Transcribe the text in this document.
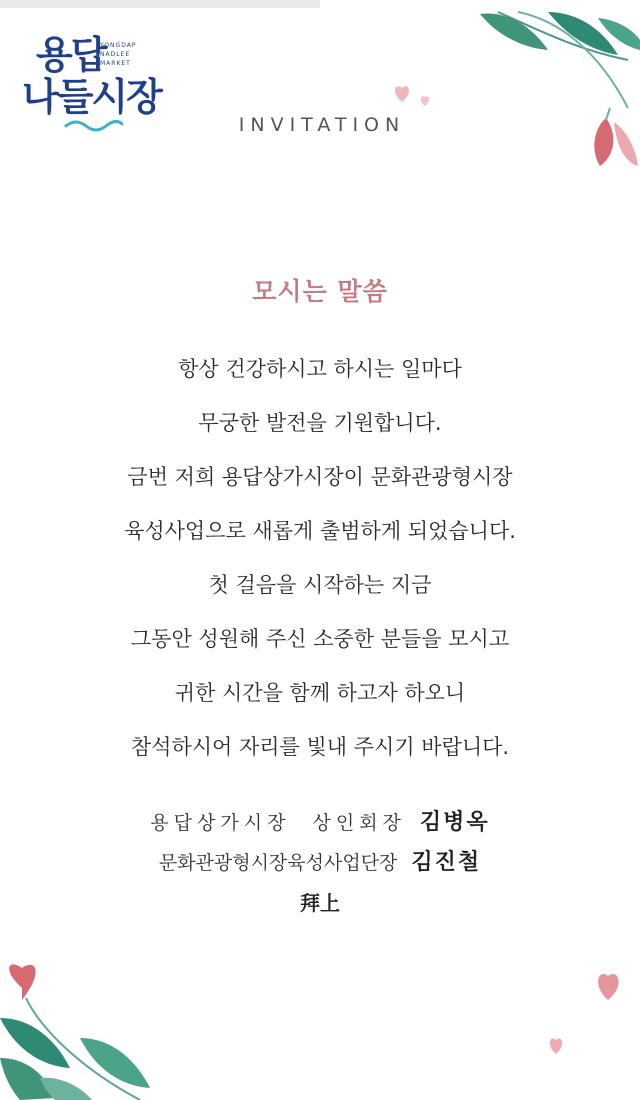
용답
YONGDAP
NADLEE
MARKET
나들시장
INVITATION
모시는 말씀
항상 건강하시고 하시는 일마다
무궁한 발전을 기원합니다.
금번 저희 용답상가시장이 문화관광형시장
육성사업으로 새롭게 출범하게 되었습니다.
첫 걸음을 시작하는 지금
그동안 성원해 주신 소중한 분들을 모시고
귀한 시간을 함께 하고자 하오니
참석하시어 자리를 빛내 주시기 바랍니다.
용답상가시장  상인회장 김병옥
문화관광형시장육성사업단장 김진철
拜上
